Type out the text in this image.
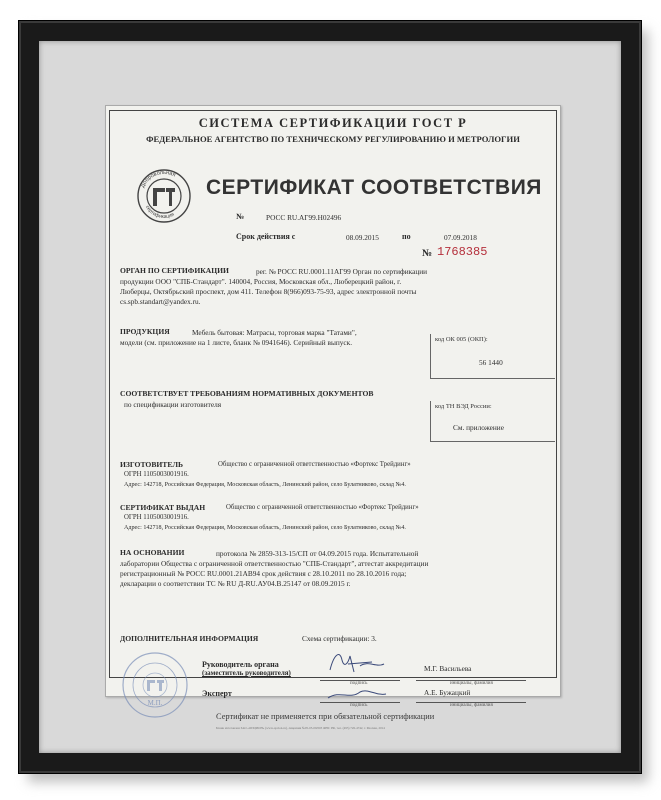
СИСТЕМА СЕРТИФИКАЦИИ ГОСТ Р
ФЕДЕРАЛЬНОЕ АГЕНТСТВО ПО ТЕХНИЧЕСКОМУ РЕГУЛИРОВАНИЮ И МЕТРОЛОГИИ
Добровольная
сертификация
СЕРТИФИКАТ СООТВЕТСТВИЯ
№	РОСС RU.АГ99.Н02496
Срок действия с	08.09.2015	по	07.09.2018
№ 1768385
ОРГАН ПО СЕРТИФИКАЦИИ	рег. № РОСС RU.0001.11АГ99 Орган по сертификации
продукции ООО "СПБ-Стандарт". 140004, Россия, Московская обл., Люберецкий район, г.
Люберцы, Октябрьский проспект, дом 411. Телефон 8(966)093-75-93, адрес электронной почты
cs.spb.standart@yandex.ru.
ПРОДУКЦИЯ	Мебель бытовая: Матрасы, торговая марка "Татами",
модели (см. приложение на 1 листе, бланк № 0941646). Серийный выпуск.	код ОК 005 (ОКП):
56 1440
СООТВЕТСТВУЕТ ТРЕБОВАНИЯМ НОРМАТИВНЫХ ДОКУМЕНТОВ
по спецификации изготовителя	код ТН ВЭД России:
См. приложение
ИЗГОТОВИТЕЛЬ	Общество с ограниченной ответственностью «Фортекс Трейдинг»
ОГРН 1105003001916.
Адрес: 142718, Российская Федерация, Московская область, Ленинский район, село Булатниково, склад №4.
СЕРТИФИКАТ ВЫДАН	Общество с ограниченной ответственностью «Фортекс Трейдинг»
ОГРН 1105003001916.
Адрес: 142718, Российская Федерация, Московская область, Ленинский район, село Булатниково, склад №4.
НА ОСНОВАНИИ	протокола № 2859-313-15/СП от 04.09.2015 года. Испытательной
лаборатории Общества с ограниченной ответственностью "СПБ-Стандарт", аттестат аккредитации
регистрационный № РОСС RU.0001.21АВ94 срок действия с 28.10.2011 по 28.10.2016 года;
декларации о соответствии ТС № RU Д-RU.АУ04.В.25147 от 08.09.2015 г.
ДОПОЛНИТЕЛЬНАЯ ИНФОРМАЦИЯ	Схема сертификации: 3.
М.П.
Руководитель органа
(заместитель руководителя)
подпись
М.Г. Васильева
инициалы, фамилия
Эксперт
подпись
А.Е. Бужацкий
инициалы, фамилия
Сертификат не применяется при обязательной сертификации
Бланк изготовлен ЗАО «ОПЦИОН» (www.opcion.ru), лицензия №05-05-09/003 ФНС РФ, тел. (495) 726-4742, г. Москва, 2014
